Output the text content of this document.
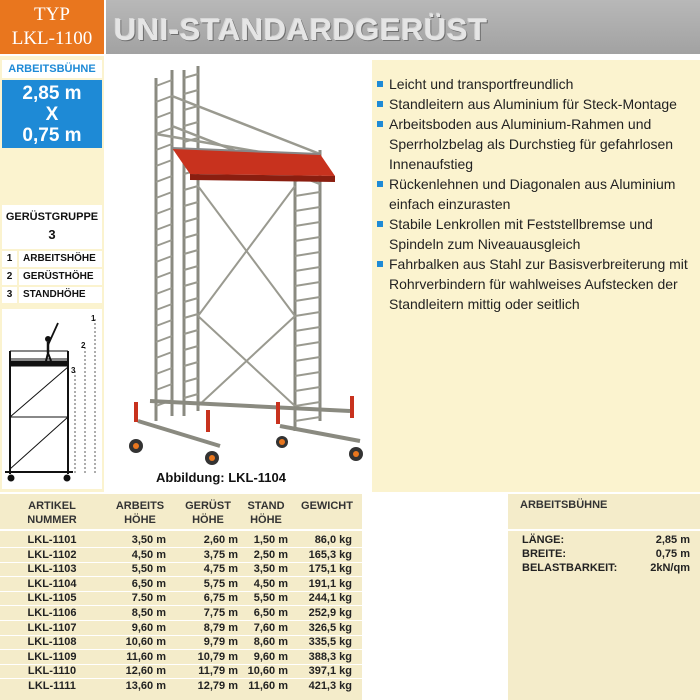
TYP
LKL-1100 UNI-STANDARDGERÜST
ARBEITSBÜHNE
2,85 m
X
0,75 m
GERÜSTGRUPPE
3
1	ARBEITSHÖHE
2	GERÜSTHÖHE
3	STANDHÖHE
1
2
3
Abbildung: LKL-1104
Leicht und transportfreundlich
Standleitern aus Aluminium für Steck-Montage
Arbeitsboden aus Aluminium-Rahmen und Sperrholzbelag als Durchstieg für gefahrlosen Innenaufstieg
Rückenlehnen und Diagonalen aus Aluminium einfach einzurasten
Stabile Lenkrollen mit Feststellbremse und Spindeln zum Niveauausgleich
Fahrbalken aus Stahl zur Basisverbreiterung mit Rohrverbindern für wahlweises Aufstecken der Standleitern mittig oder seitlich
ARTIKEL
NUMMER
ARBEITS
HÖHE
GERÜST
HÖHE
STAND
HÖHE
GEWICHT
LKL-1101	3,50 m	2,60 m	1,50 m	86,0 kg
LKL-1102	4,50 m	3,75 m	2,50 m	165,3 kg
LKL-1103	5,50 m	4,75 m	3,50 m	175,1 kg
LKL-1104	6,50 m	5,75 m	4,50 m	191,1 kg
LKL-1105	7.50 m	6,75 m	5,50 m	244,1 kg
LKL-1106	8,50 m	7,75 m	6,50 m	252,9 kg
LKL-1107	9,60 m	8,79 m	7,60 m	326,5 kg
LKL-1108	10,60 m	9,79 m	8,60 m	335,5 kg
LKL-1109	11,60 m	10,79 m	9,60 m	388,3 kg
LKL-1110	12,60 m	11,79 m 10,60 m	397,1 kg
LKL-1111	13,60 m	12,79 m 11,60 m	421,3 kg
ARBEITSBÜHNE
LÄNGE:	2,85 m
BREITE:	0,75 m
BELASTBARKEIT:	2kN/qm
